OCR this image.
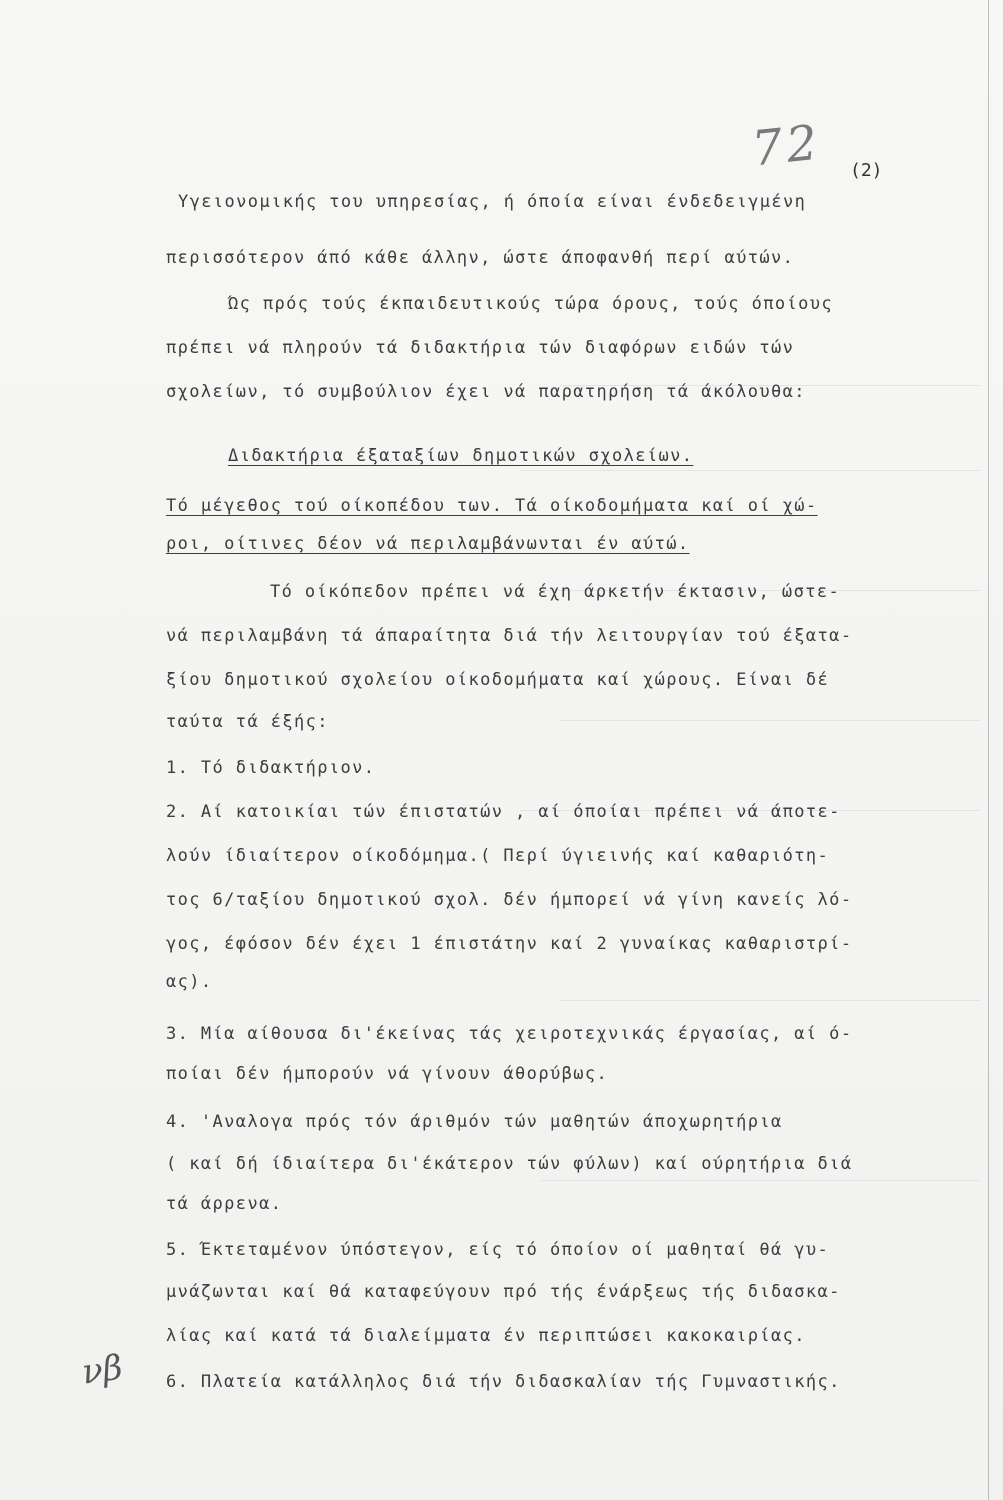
72 (2)
Υγειονομικής του υπηρεσίας, ή όποία είναι ένδεδειγμένη
περισσότερον άπό κάθε άλλην, ώστε άποφανθή περί αύτών.
Ώς πρός τούς έκπαιδευτικούς τώρα όρους, τούς όποίους
πρέπει νά πληρούν τά διδακτήρια τών διαφόρων ειδών τών
σχολείων, τό συμβούλιον έχει νά παρατηρήση τά άκόλουθα:
Διδακτήρια έξαταξίων δημοτικών σχολείων.
Τό μέγεθος τού οίκοπέδου των. Τά οίκοδομήματα καί οί χώ-
ροι, οίτινες δέον νά περιλαμβάνωνται έν αύτώ.
Τό οίκόπεδον πρέπει νά έχη άρκετήν έκτασιν, ώστε-
νά περιλαμβάνη τά άπαραίτητα διά τήν λειτουργίαν τού έξατα-
ξίου δημοτικού σχολείου οίκοδομήματα καί χώρους. Είναι δέ
ταύτα τά έξής:
1. Τό διδακτήριον.
2. Αί κατοικίαι τών έπιστατών , αί όποίαι πρέπει νά άποτε-
λούν ίδιαίτερον οίκοδόμημα.( Περί ύγιεινής καί καθαριότη-
τος 6/ταξίου δημοτικού σχολ. δέν ήμπορεί νά γίνη κανείς λό-
γος, έφόσον δέν έχει 1 έπιστάτην καί 2 γυναίκας καθαριστρί-
ας).
3. Μία αίθουσα δι'έκείνας τάς χειροτεχνικάς έργασίας, αί ό-
ποίαι δέν ήμπορούν νά γίνουν άθορύβως.
4. 'Αναλογα πρός τόν άριθμόν τών μαθητών άποχωρητήρια
( καί δή ίδιαίτερα δι'έκάτερον τών φύλων) καί ούρητήρια διά
τά άρρενα.
5. Έκτεταμένον ύπόστεγον, είς τό όποίον οί μαθηταί θά γυ-
μνάζωνται καί θά καταφεύγουν πρό τής ένάρξεως τής διδασκα-
λίας καί κατά τά διαλείμματα έν περιπτώσει κακοκαιρίας.
6. Πλατεία κατάλληλος διά τήν διδασκαλίαν τής Γυμναστικής.
νβ
